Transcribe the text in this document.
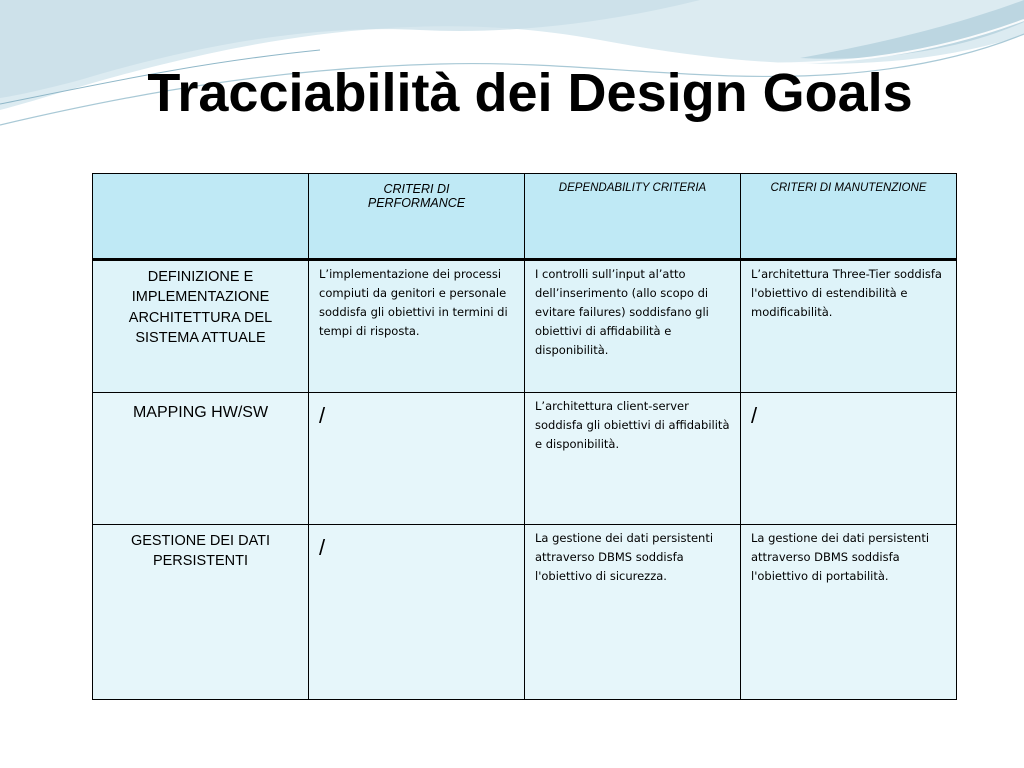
Tracciabilità dei Design Goals

	CRITERI DI PERFORMANCE	DEPENDABILITY CRITERIA	CRITERI DI MANUTENZIONE

DEFINIZIONE E IMPLEMENTAZIONE ARCHITETTURA DEL SISTEMA ATTUALE	L’implementazione dei processi compiuti da genitori e personale soddisfa gli obiettivi in termini di tempi di risposta.	I controlli sull’input al’atto dell’inserimento (allo scopo di evitare failures) soddisfano gli obiettivi di affidabilità e disponibilità.	L’architettura Three-Tier soddisfa l'obiettivo di estendibilità e modificabilità.

MAPPING HW/SW	/	L’architettura client-server soddisfa gli obiettivi di affidabilità e disponibilità.	/

GESTIONE DEI DATI PERSISTENTI	/	La gestione dei dati persistenti attraverso DBMS soddisfa l'obiettivo di sicurezza.	La gestione dei dati persistenti attraverso DBMS soddisfa l'obiettivo di portabilità.
